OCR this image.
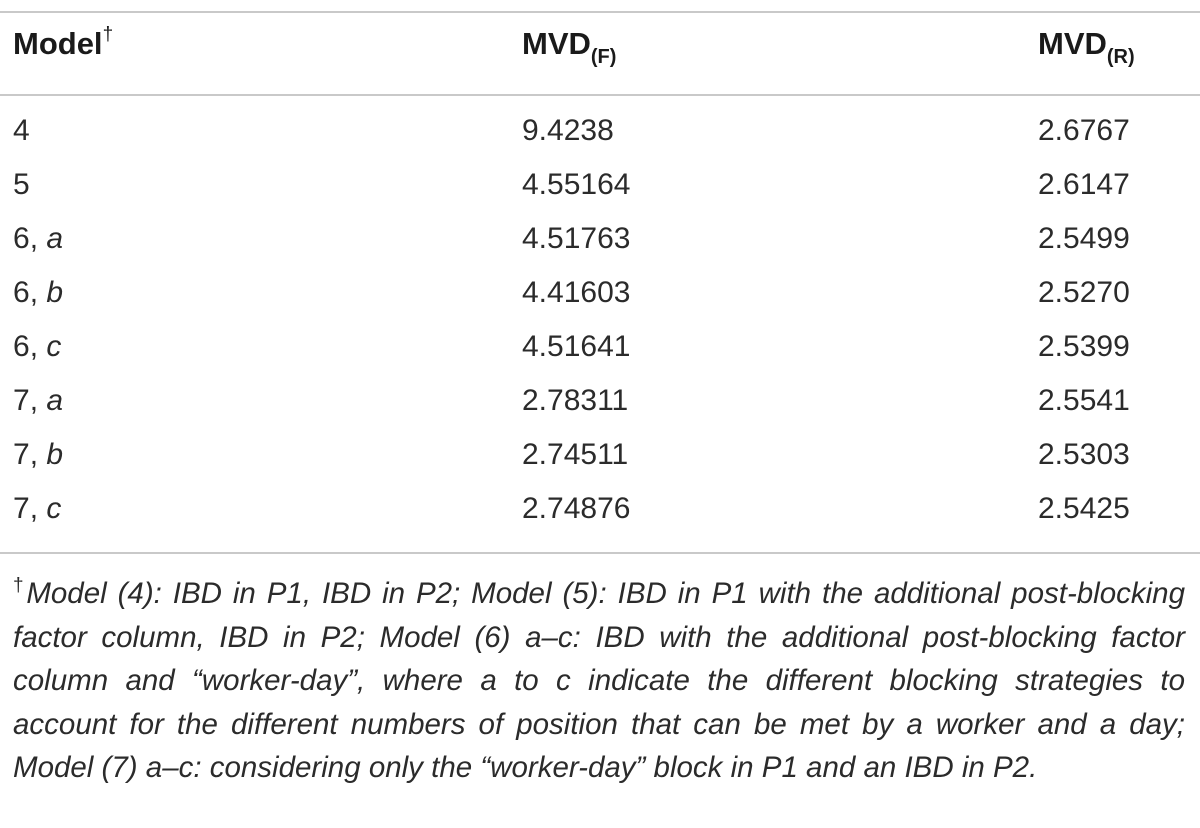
Model†	$MVD_{(F)}$	$MVD_{(R)}$
4	9.4238	2.6767
5	4.55164	2.6147
6, a	4.51763	2.5499
6, b	4.41603	2.5270
6, c	4.51641	2.5399
7, a	2.78311	2.5541
7, b	2.74511	2.5303
7, c	2.74876	2.5425

†Model (4): IBD in P1, IBD in P2; Model (5): IBD in P1 with the additional post-blocking factor column, IBD in P2; Model (6) a–c: IBD with the additional post-blocking factor column and “worker-day”, where a to c indicate the different blocking strategies to account for the different numbers of position that can be met by a worker and a day; Model (7) a–c: considering only the “worker-day” block in P1 and an IBD in P2.
